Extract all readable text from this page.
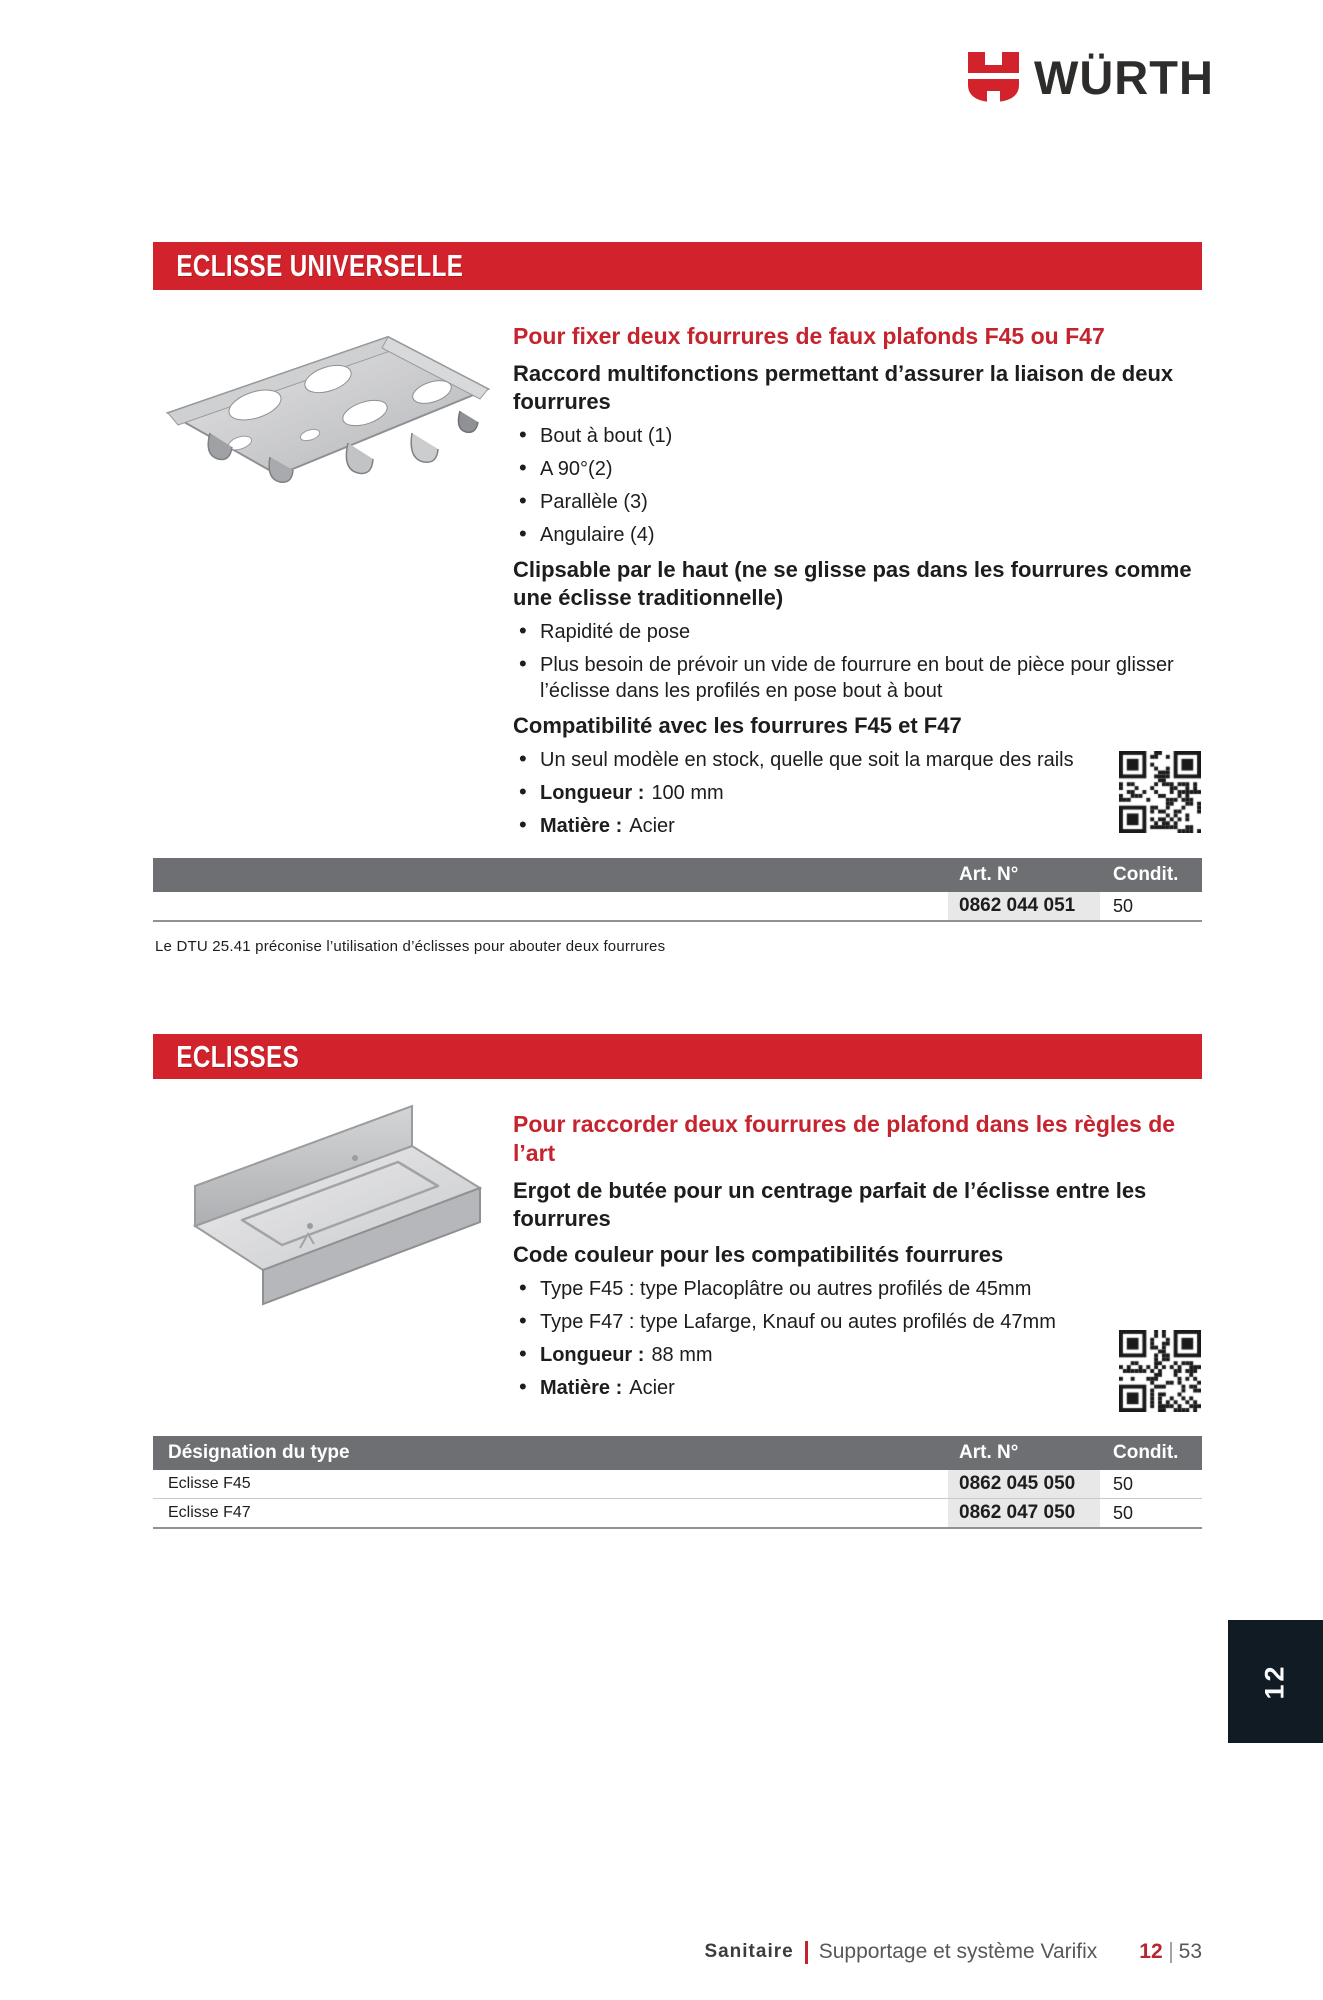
WÜRTH
ECLISSE UNIVERSELLE
Pour fixer deux fourrures de faux plafonds F45 ou F47
Raccord multifonctions permettant d’assurer la liaison de deux fourrures
• Bout à bout (1)
• A 90°(2)
• Parallèle (3)
• Angulaire (4)
Clipsable par le haut (ne se glisse pas dans les fourrures comme une éclisse traditionnelle)
• Rapidité de pose
• Plus besoin de prévoir un vide de fourrure en bout de pièce pour glisser l’éclisse dans les profilés en pose bout à bout
Compatibilité avec les fourrures F45 et F47
• Un seul modèle en stock, quelle que soit la marque des rails
• Longueur : 100 mm
• Matière : Acier
Art. N°	Condit.
0862 044 051	50
Le DTU 25.41 préconise l’utilisation d’éclisses pour abouter deux fourrures
ECLISSES
Pour raccorder deux fourrures de plafond dans les règles de l’art
Ergot de butée pour un centrage parfait de l’éclisse entre les fourrures
Code couleur pour les compatibilités fourrures
• Type F45 : type Placoplâtre ou autres profilés de 45mm
• Type F47 : type Lafarge, Knauf ou autes profilés de 47mm
• Longueur : 88 mm
• Matière : Acier
Désignation du type	Art. N°	Condit.
Eclisse F45	0862 045 050	50
Eclisse F47	0862 047 050	50
12
Sanitaire Supportage et système Varifix 12 53
